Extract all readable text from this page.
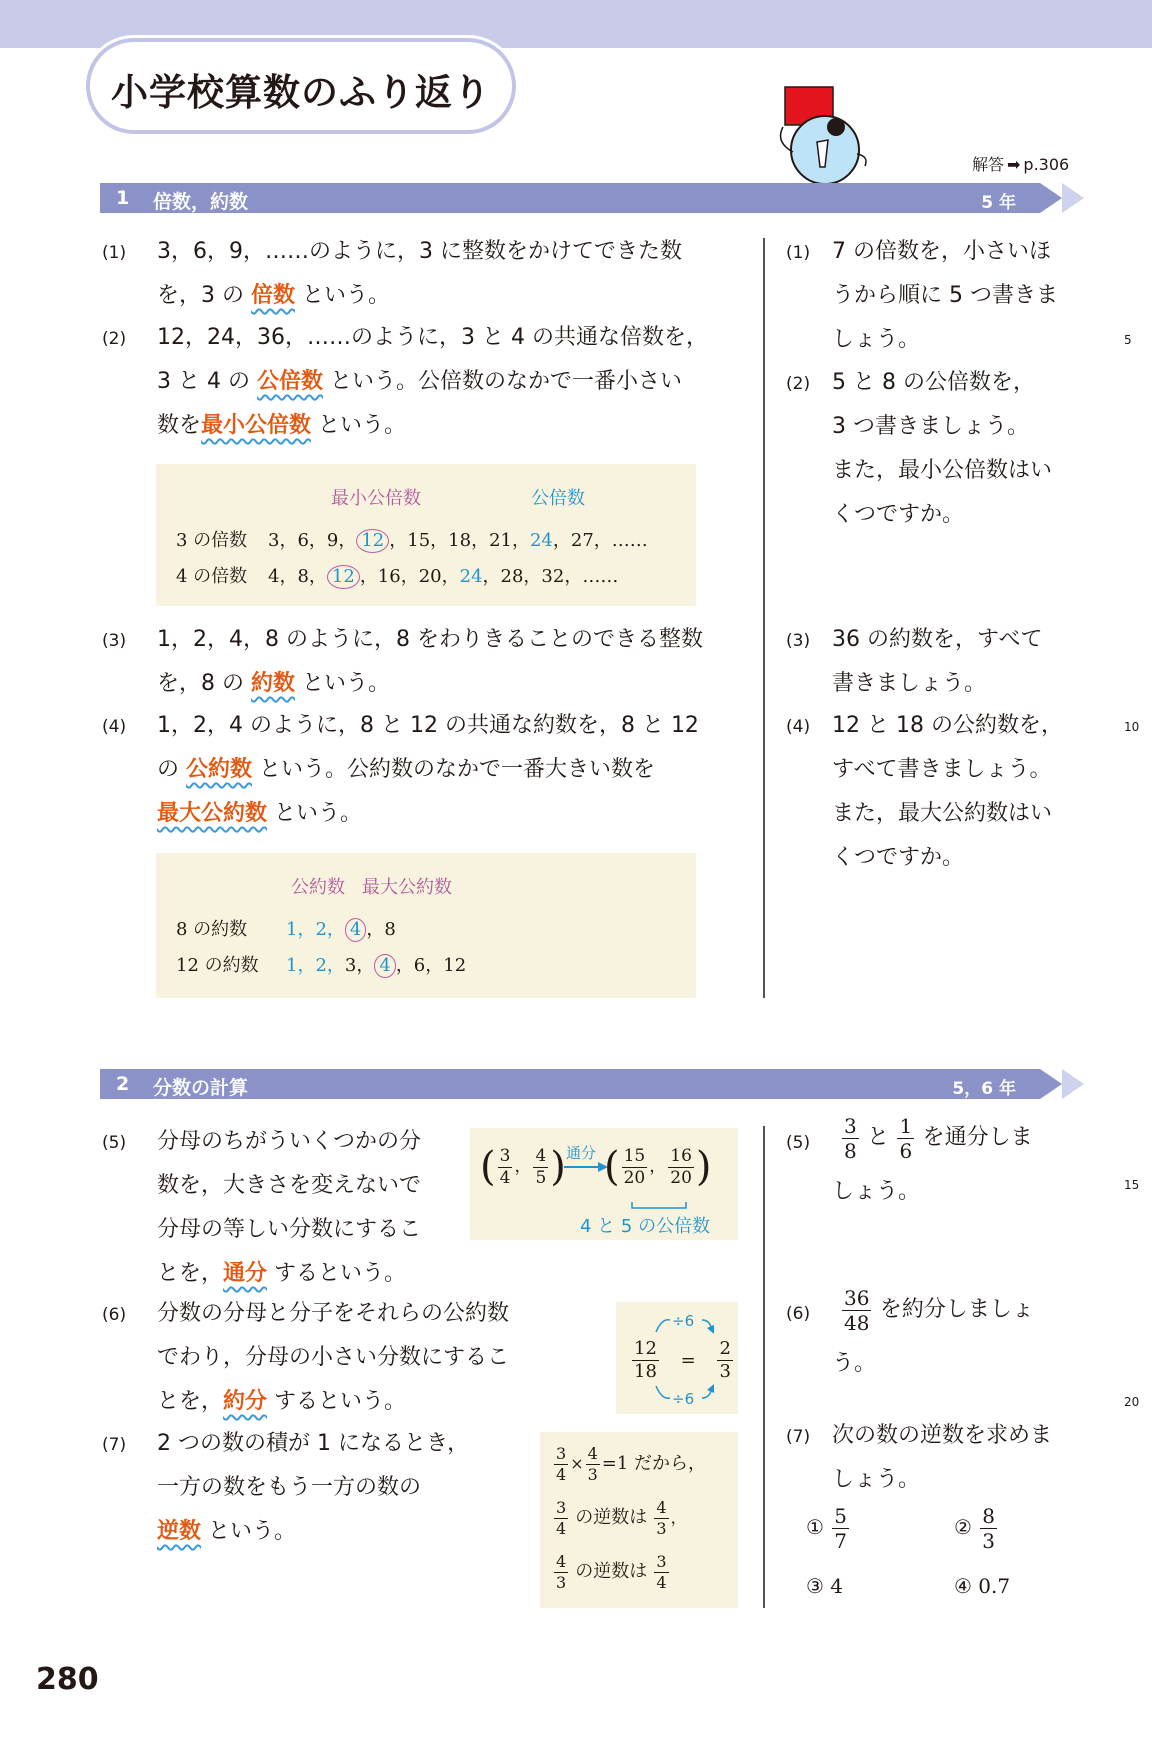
小学校算数のふり返り
解答 ➡ p.306
1 倍数，約数	5 年
(1) 3，6，9，……のように，3 に整数をかけてできた数
を，3 の 倍数 という。
(2) 12，24，36，……のように，3 と 4 の共通な倍数を，
3 と 4 の 公倍数 という。公倍数のなかで一番小さい
数を最小公倍数 という。
最小公倍数	公倍数
3 の倍数 3，6，9， 12 ，15，18，21，24，27，……
4 の倍数 4，8， 12 ，16，20，24，28，32，……
(3) 1，2，4，8 のように，8 をわりきることのできる整数
を，8 の 約数 という。
(4) 1，2，4 のように，8 と 12 の共通な約数を，8 と 12
の 公約数 という。公約数のなかで一番大きい数を
最大公約数 という。
公約数 最大公約数
8 の約数 1，2， 4 ，8
12 の約数 1，2，3， 4 ，6，12
(1) 7 の倍数を，小さいほ
うから順に 5 つ書きま
しょう。
(2) 5 と 8 の公倍数を，
3 つ書きましょう。
また，最小公倍数はい
くつですか。
(3) 36 の約数を，すべて
書きましょう。
(4) 12 と 18 の公約数を，
すべて書きましょう。
また，最大公約数はい
くつですか。
2 分数の計算	5，6 年
(5) 分母のちがういくつかの分
数を，大きさを変えないで
分母の等しい分数にするこ
とを，通分 するという。
( $\frac{3}{4}$ ， $\frac{4}{5}$ ) 通分 ( $\frac{15}{20}$ ， $\frac{16}{20}$ )
4 と 5 の公倍数
(6) 分数の分母と分子をそれらの公約数
でわり，分母の小さい分数にするこ
とを，約分 するという。
÷6
$\frac{12}{18} = \frac{2}{3}$
÷6
(7) 2 つの数の積が 1 になるとき，
一方の数をもう一方の数の
逆数 という。
$\frac{3}{4} \times \frac{4}{3} =1$ だから，
$\frac{3}{4}$ の逆数は $\frac{4}{3}$ ，
$\frac{4}{3}$ の逆数は $\frac{3}{4}$
$(5) \frac{3}{8}$ と $\frac{1}{6}$ を通分しま
しょう。
$(6) \frac{36}{48}$ を約分しましょ
う。
(7) 次の数の逆数を求めま
しょう。
① $\frac{5}{7}$	② $\frac{8}{3}$
③ 4	④ 0.7
5
10
15
20
280
